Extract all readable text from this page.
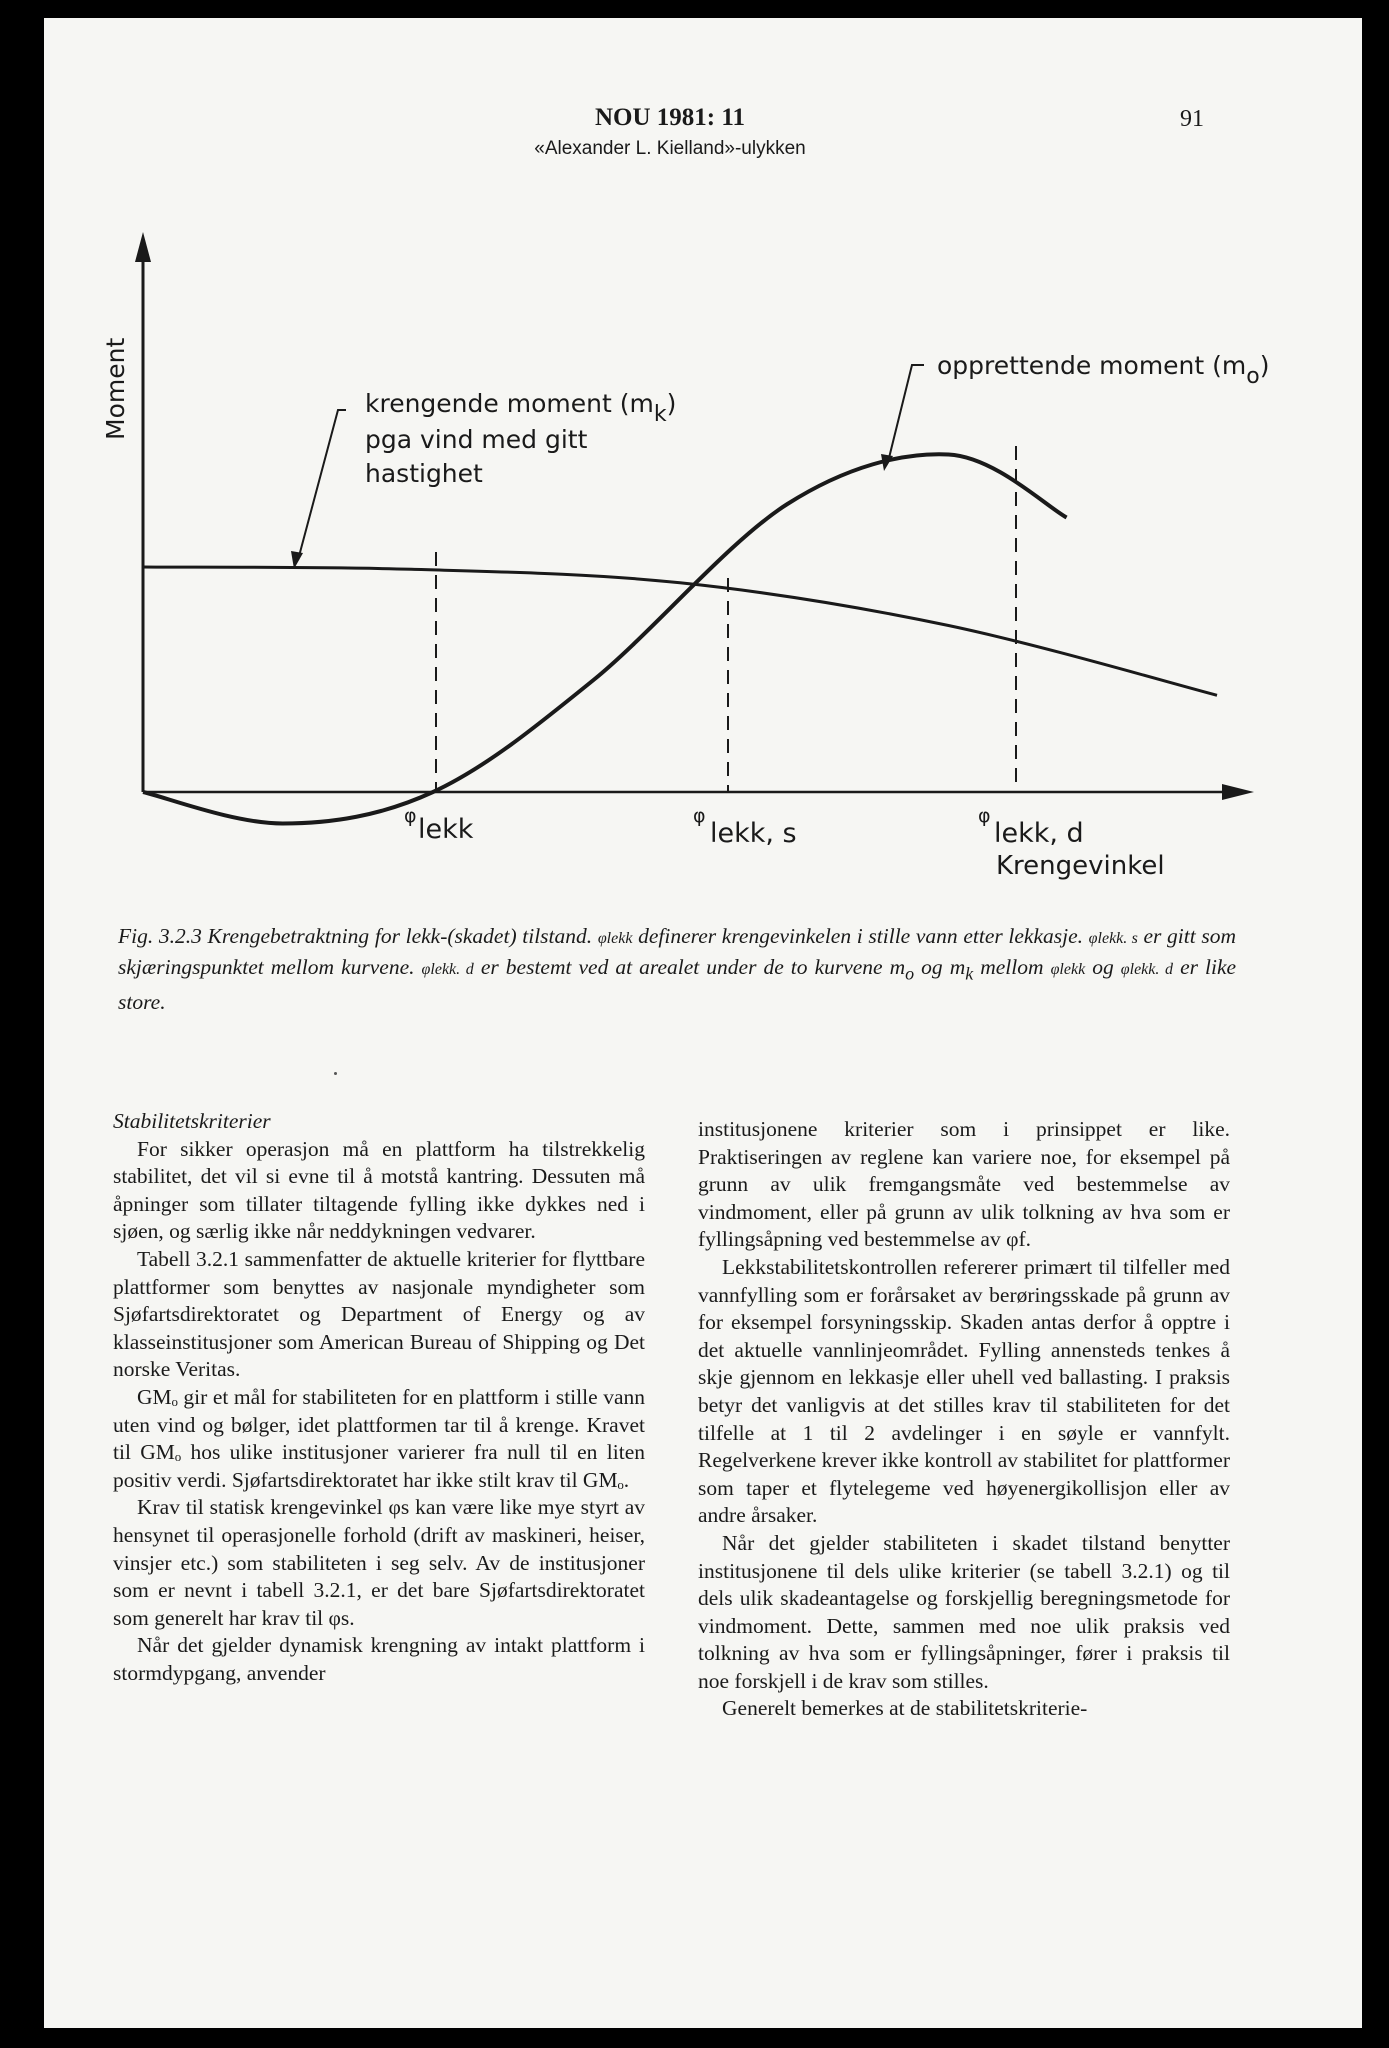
NOU 1981: 11
«Alexander L. Kielland»-ulykken
91
Moment	krengende moment (mk)
pga vind med gitt
hastighet
opprettende moment (mo)
φ lekk	φ
lekk, s
φ
lekk, d
Krengevinkel
Fig. 3.2.3 Krengebetraktning for lekk-(skadet) tilstand. φlekk definerer krengevinkelen i stille vann etter lekkasje. φlekk. s er gitt som skjæringspunktet mellom kurvene. φlekk. d er bestemt ved at arealet under de to kurvene $m_o$ og $m_k$ mellom φlekk og φlekk. d er like store.
Stabilitetskriterier

For sikker operasjon må en plattform ha tilstrekkelig stabilitet, det vil si evne til å motstå kantring. Dessuten må åpninger som tillater tiltagende fylling ikke dykkes ned i sjøen, og særlig ikke når neddykningen vedvarer.

Tabell 3.2.1 sammenfatter de aktuelle kriterier for flyttbare plattformer som benyttes av nasjonale myndigheter som Sjøfartsdirektoratet og Department of Energy og av klasseinstitusjoner som American Bureau of Shipping og Det norske Veritas.

GMₒ gir et mål for stabiliteten for en plattform i stille vann uten vind og bølger, idet plattformen tar til å krenge. Kravet til GMₒ hos ulike institusjoner varierer fra null til en liten positiv verdi. Sjøfartsdirektoratet har ikke stilt krav til GMₒ.

Krav til statisk krengevinkel φs kan være like mye styrt av hensynet til operasjonelle forhold (drift av maskineri, heiser, vinsjer etc.) som stabiliteten i seg selv. Av de institusjoner som er nevnt i tabell 3.2.1, er det bare Sjøfartsdirektoratet som generelt har krav til φs.

Når det gjelder dynamisk krengning av intakt plattform i stormdypgang, anvender

institusjonene kriterier som i prinsippet er like. Praktiseringen av reglene kan variere noe, for eksempel på grunn av ulik fremgangsmåte ved bestemmelse av vindmoment, eller på grunn av ulik tolkning av hva som er fyllingsåpning ved bestemmelse av φf.

Lekkstabilitetskontrollen refererer primært til tilfeller med vannfylling som er forårsaket av berøringsskade på grunn av for eksempel forsyningsskip. Skaden antas derfor å opptre i det aktuelle vannlinjeområdet. Fylling annensteds tenkes å skje gjennom en lekkasje eller uhell ved ballasting. I praksis betyr det vanligvis at det stilles krav til stabiliteten for det tilfelle at 1 til 2 avdelinger i en søyle er vannfylt. Regelverkene krever ikke kontroll av stabilitet for plattformer som taper et flytelegeme ved høyenergikollisjon eller av andre årsaker.

Når det gjelder stabiliteten i skadet tilstand benytter institusjonene til dels ulike kriterier (se tabell 3.2.1) og til dels ulik skadeantagelse og forskjellig beregningsmetode for vindmoment. Dette, sammen med noe ulik praksis ved tolkning av hva som er fyllingsåpninger, fører i praksis til noe forskjell i de krav som stilles.

Generelt bemerkes at de stabilitetskriterie-
